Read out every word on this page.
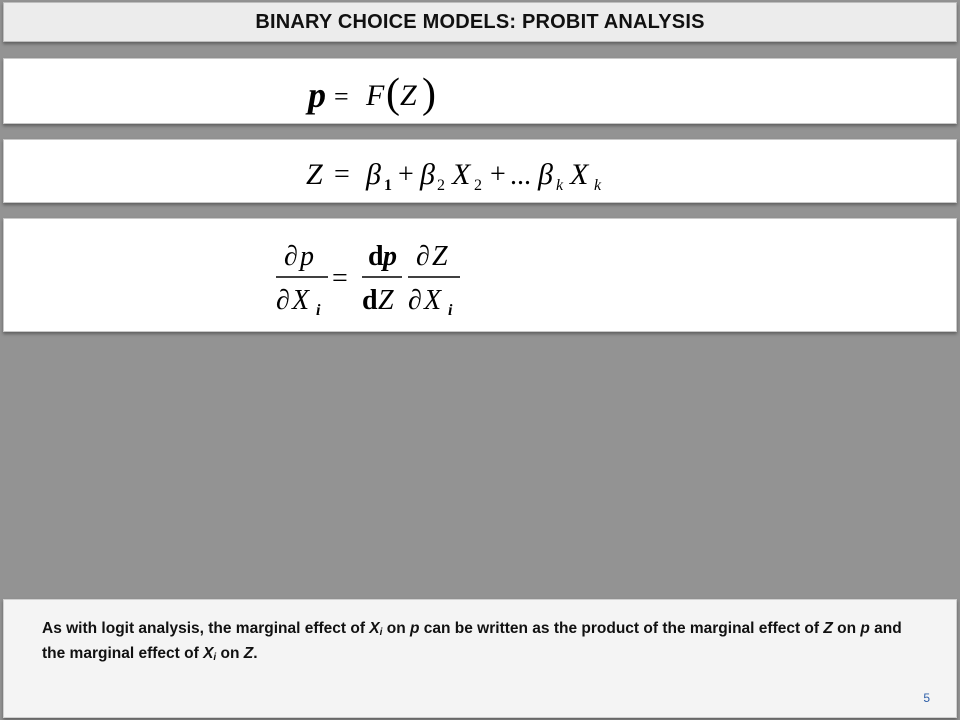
BINARY CHOICE MODELS: PROBIT ANALYSIS
p = F ( Z )
Z = β 1 + β 2 X 2 + ... β k X k
∂ p
∂ X i
=
d p
d Z
∂ Z
∂ X i
As with logit analysis, the marginal effect of $X_i$ on p can be written as the product of the marginal effect of Z on p and the marginal effect of $X_i$ on Z.
5
